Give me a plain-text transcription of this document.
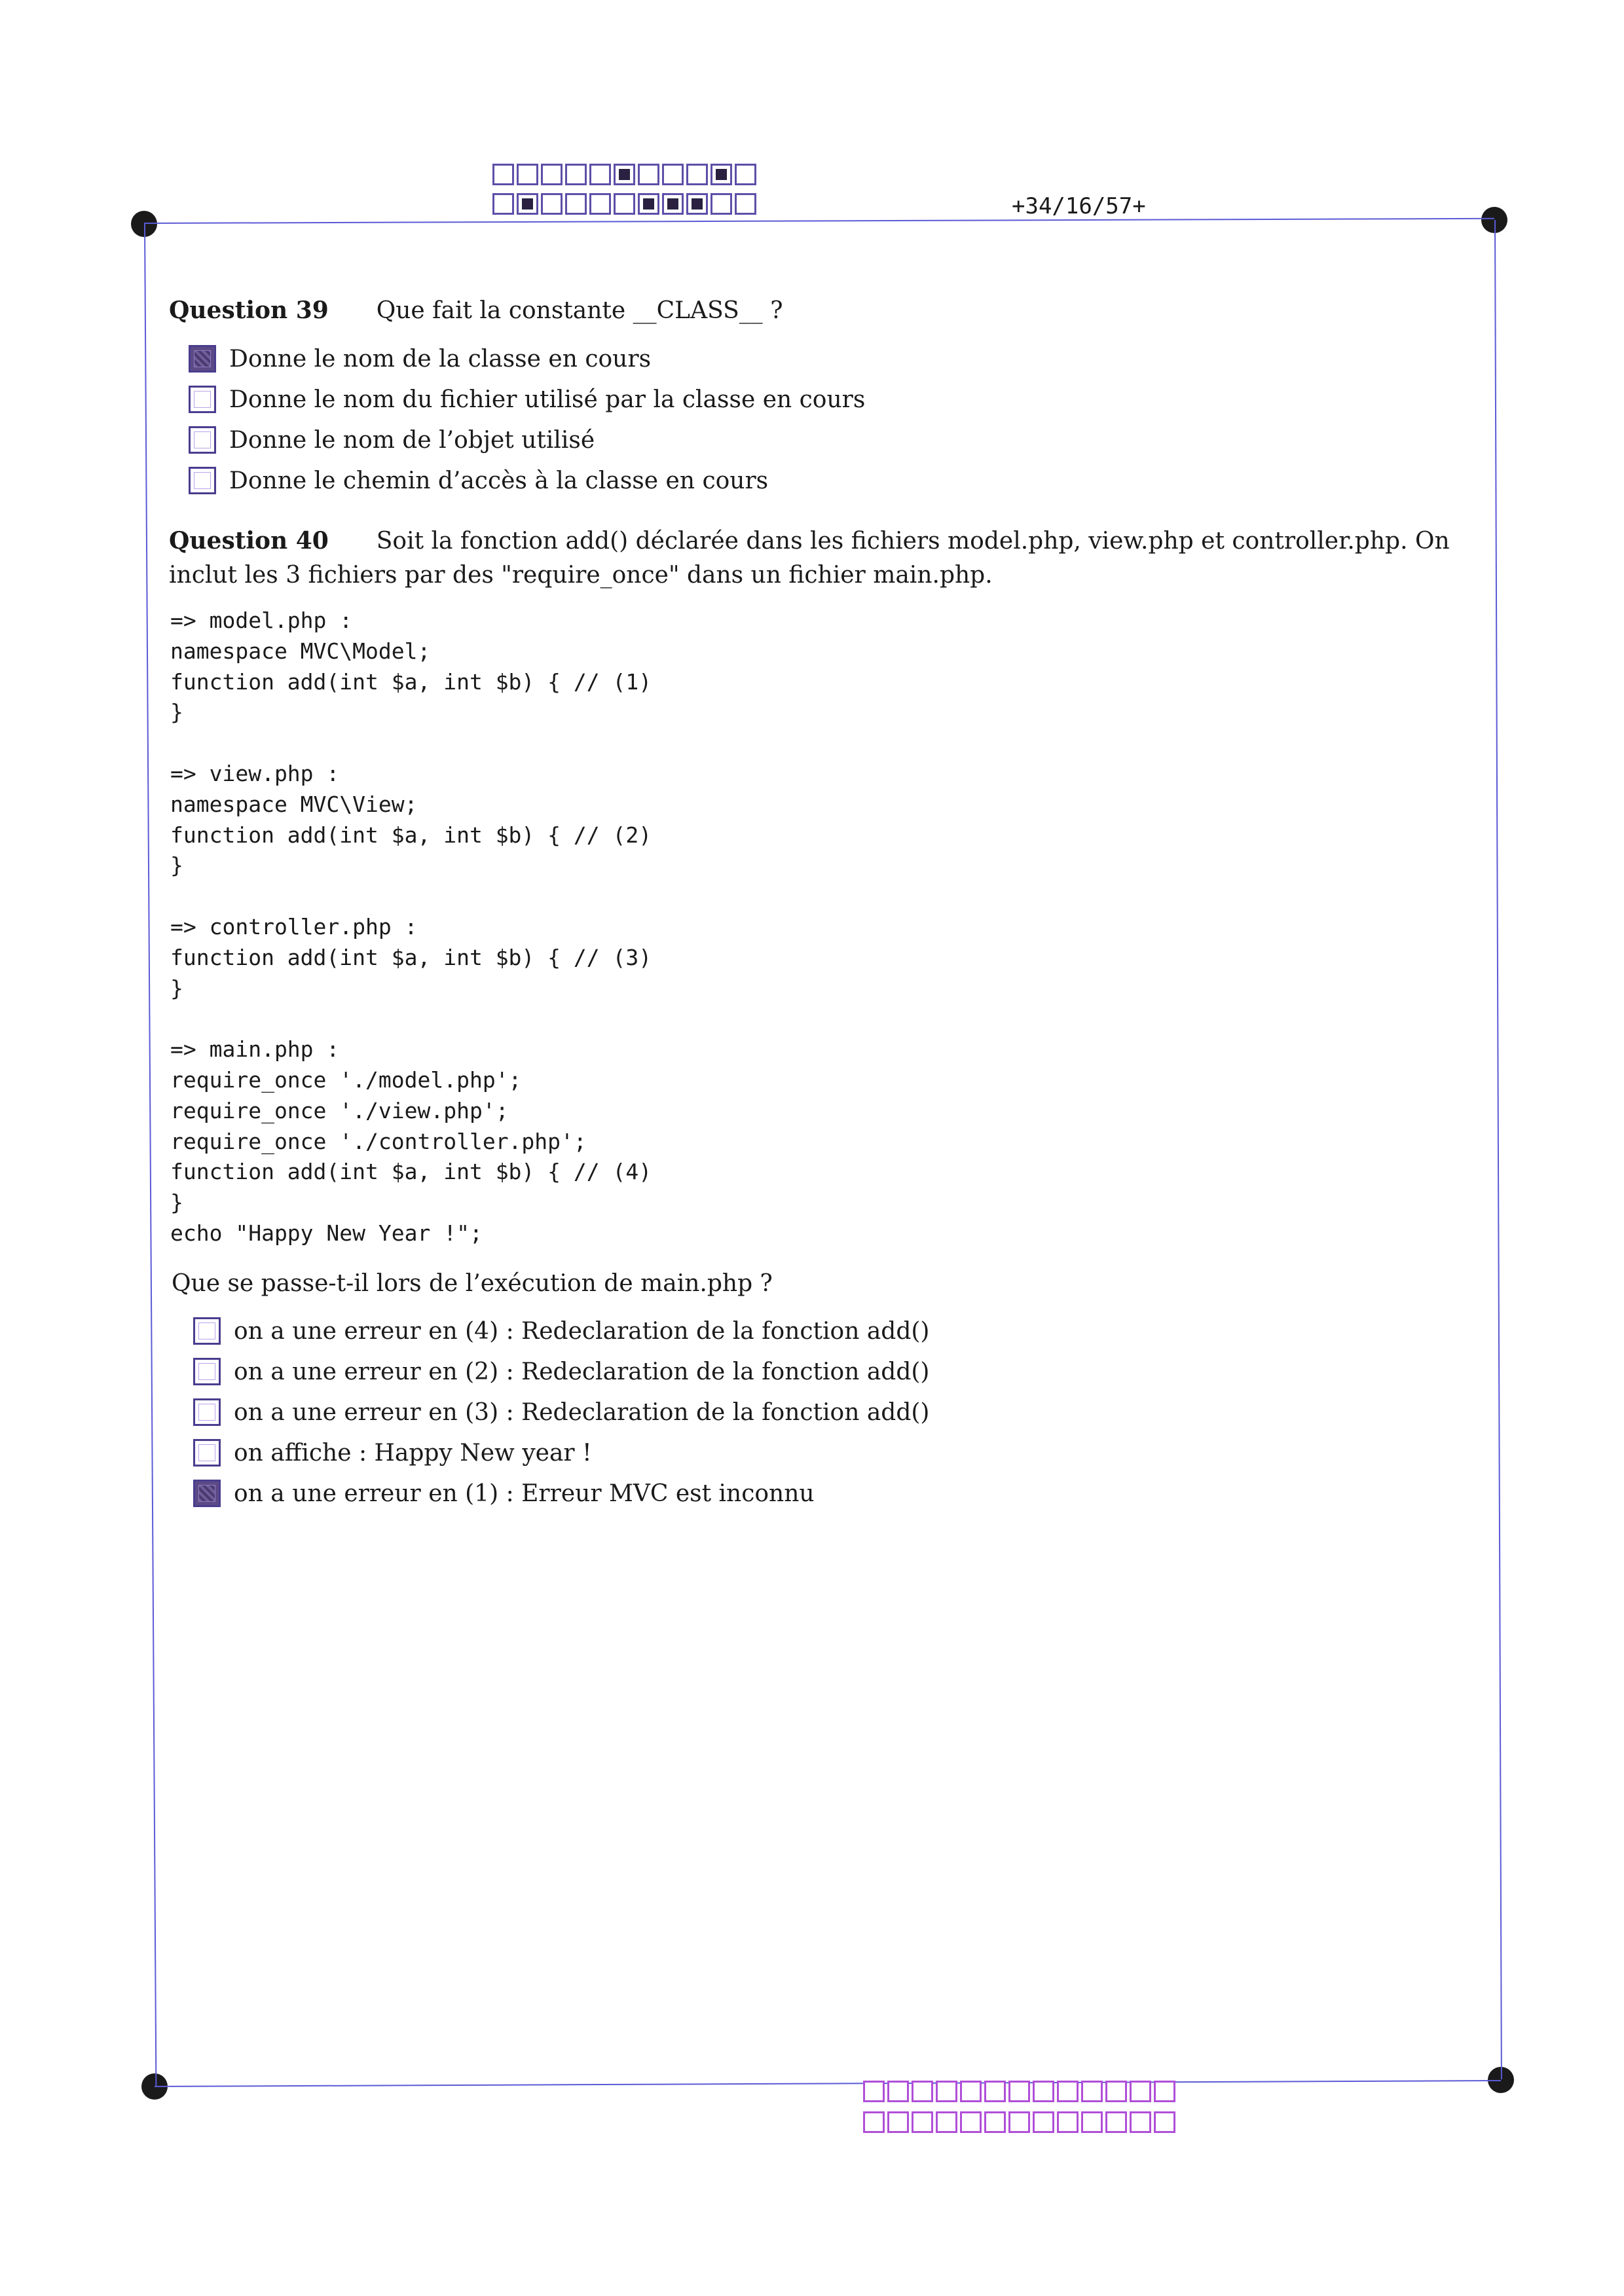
+34/16/57+
Question 39 Que fait la constante __CLASS__ ?
Donne le nom de la classe en cours
Donne le nom du fichier utilisé par la classe en cours
Donne le nom de l’objet utilisé
Donne le chemin d’accès à la classe en cours
Question 40 Soit la fonction add() déclarée dans les fichiers model.php, view.php et controller.php. On inclut les 3 fichiers par des "require_once" dans un fichier main.php.
=> model.php :
namespace MVC\Model;
function add(int $a, int $b) { // (1)
}

=> view.php :
namespace MVC\View;
function add(int $a, int $b) { // (2)
}

=> controller.php :
function add(int $a, int $b) { // (3)
}

=> main.php :
require_once './model.php';
require_once './view.php';
require_once './controller.php';
function add(int $a, int $b) { // (4)
}
echo "Happy New Year !";
Que se passe-t-il lors de l’exécution de main.php ?
on a une erreur en (4) : Redeclaration de la fonction add()
on a une erreur en (2) : Redeclaration de la fonction add()
on a une erreur en (3) : Redeclaration de la fonction add()
on affiche : Happy New year !
on a une erreur en (1) : Erreur MVC est inconnu
